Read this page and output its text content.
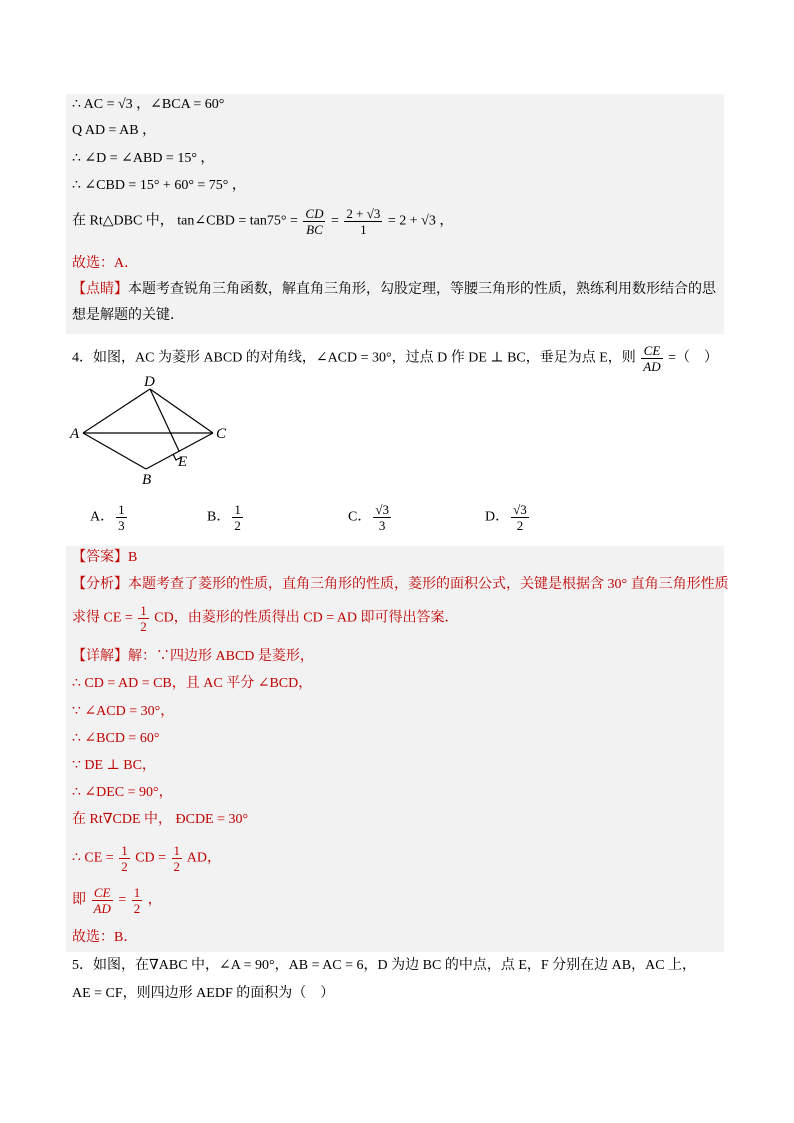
∴ AC = √3 ，∠BCA = 60°
Q AD = AB ，
∴ ∠D = ∠ABD = 15° ，
∴ ∠CBD = 15° + 60° = 75° ，
在 Rt△DBC 中， tan∠CBD = $\tan 75^\circ = \frac{CD}{BC} = \frac{2 + √3}{1} = 2 + √3$ ，
故选：A．
【点睛】本题考查锐角三角函数，解直角三角形，勾股定理，等腰三角形的性质，熟练利用数形结合的思
想是解题的关键．
4．如图，AC 为菱形 ABCD 的对角线，∠ACD = 30°，过点 D 作 DE ⊥ BC，垂足为点 E，则 $\frac{CE}{AD}$ =（　）
A
D
C
E
B
A． $\frac{1}{3}$	B． $\frac{1}{2}$	C． $\frac{√3}{3}$	D． $\frac{√3}{2}$
【答案】B
【分析】本题考查了菱形的性质，直角三角形的性质，菱形的面积公式，关键是根据含 30° 直角三角形性质
求得 CE = $\frac{1}{2}$ CD，由菱形的性质得出 CD = AD 即可得出答案．
【详解】解：∵四边形 ABCD 是菱形，
∴ CD = AD = CB，且 AC 平分 ∠BCD，
∵ ∠ACD = 30°，
∴ ∠BCD = 60°
∵ DE ⊥ BC，
∴ ∠DEC = 90°，
在 Rt∇CDE 中， ÐCDE = 30°
∴ CE = $\frac{1}{2}$ CD = $\frac{1}{2}$ AD，
即 $\frac{CE}{AD} = \frac{1}{2}$ ，
故选：B．
5．如图，在∇ABC 中，∠A = 90°，AB = AC = 6，D 为边 BC 的中点，点 E，F 分别在边 AB，AC 上，
AE = CF，则四边形 AEDF 的面积为（　）
